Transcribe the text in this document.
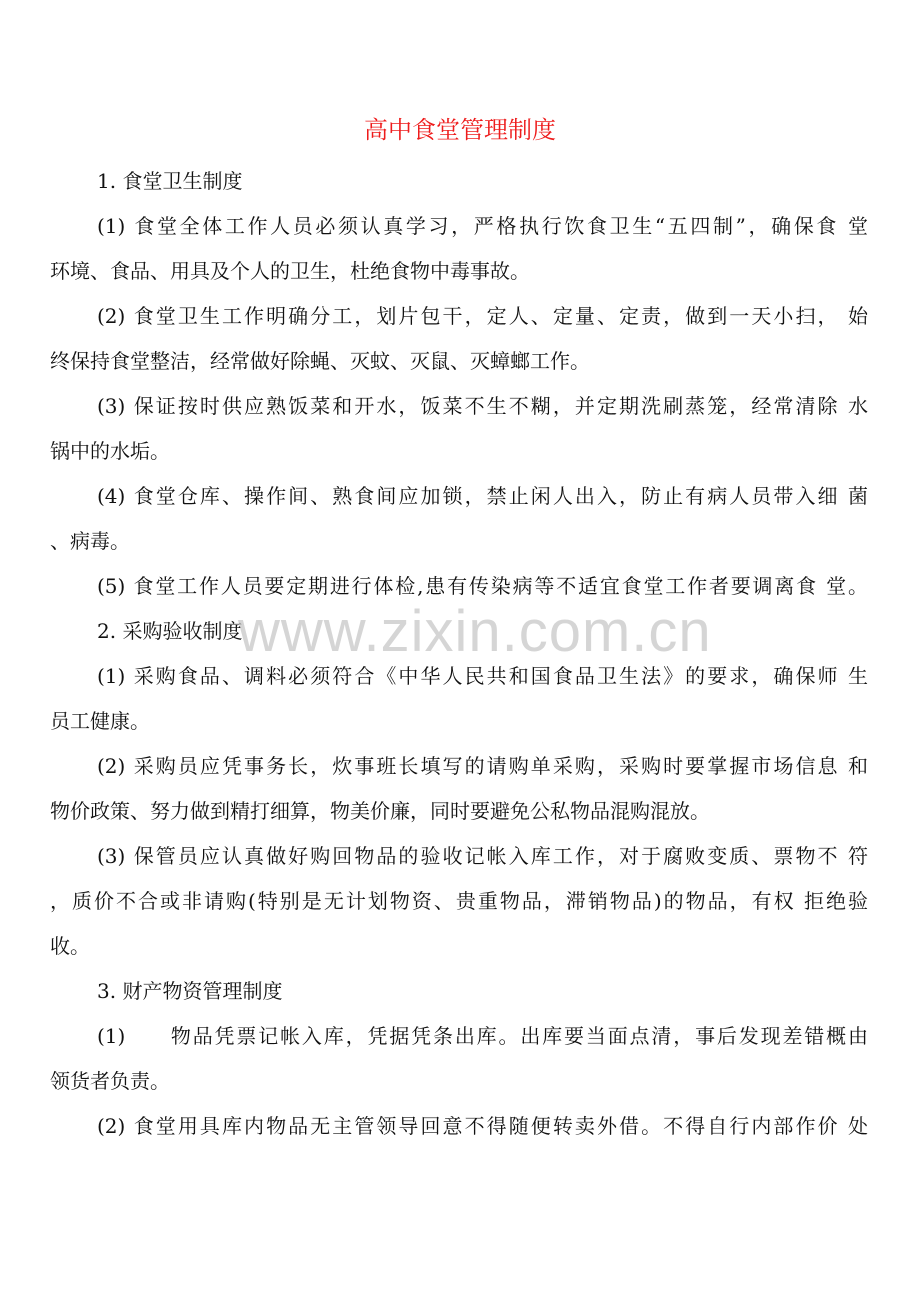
高中食堂管理制度
1. 食堂卫生制度
(1) 食堂全体工作人员必须认真学习，严格执行饮食卫生“五四制”，确保食 堂
环境、食品、用具及个人的卫生，杜绝食物中毒事故。
(2) 食堂卫生工作明确分工，划片包干，定人、定量、定责，做到一天小扫， 始
终保持食堂整洁，经常做好除蝇、灭蚊、灭鼠、灭蟑螂工作。
(3) 保证按时供应熟饭菜和开水，饭菜不生不糊，并定期洗刷蒸笼，经常清除 水
锅中的水垢。
(4) 食堂仓库、操作间、熟食间应加锁，禁止闲人出入，防止有病人员带入细 菌
、病毒。
(5) 食堂工作人员要定期进行体检,患有传染病等不适宜食堂工作者要调离食 堂。
2. 采购验收制度
(1) 采购食品、调料必须符合《中华人民共和国食品卫生法》的要求，确保师 生
员工健康。
(2) 采购员应凭事务长，炊事班长填写的请购单采购，采购时要掌握市场信息 和
物价政策、努力做到精打细算，物美价廉，同时要避免公私物品混购混放。
(3) 保管员应认真做好购回物品的验收记帐入库工作，对于腐败变质、票物不 符
，质价不合或非请购(特别是无计划物资、贵重物品，滞销物品)的物品，有权 拒绝验
收。
3. 财产物资管理制度
(1)　　物品凭票记帐入库，凭据凭条出库。出库要当面点清，事后发现差错概由
领货者负责。
(2) 食堂用具库内物品无主管领导回意不得随便转卖外借。不得自行内部作价 处
www.zixin.com.cn
